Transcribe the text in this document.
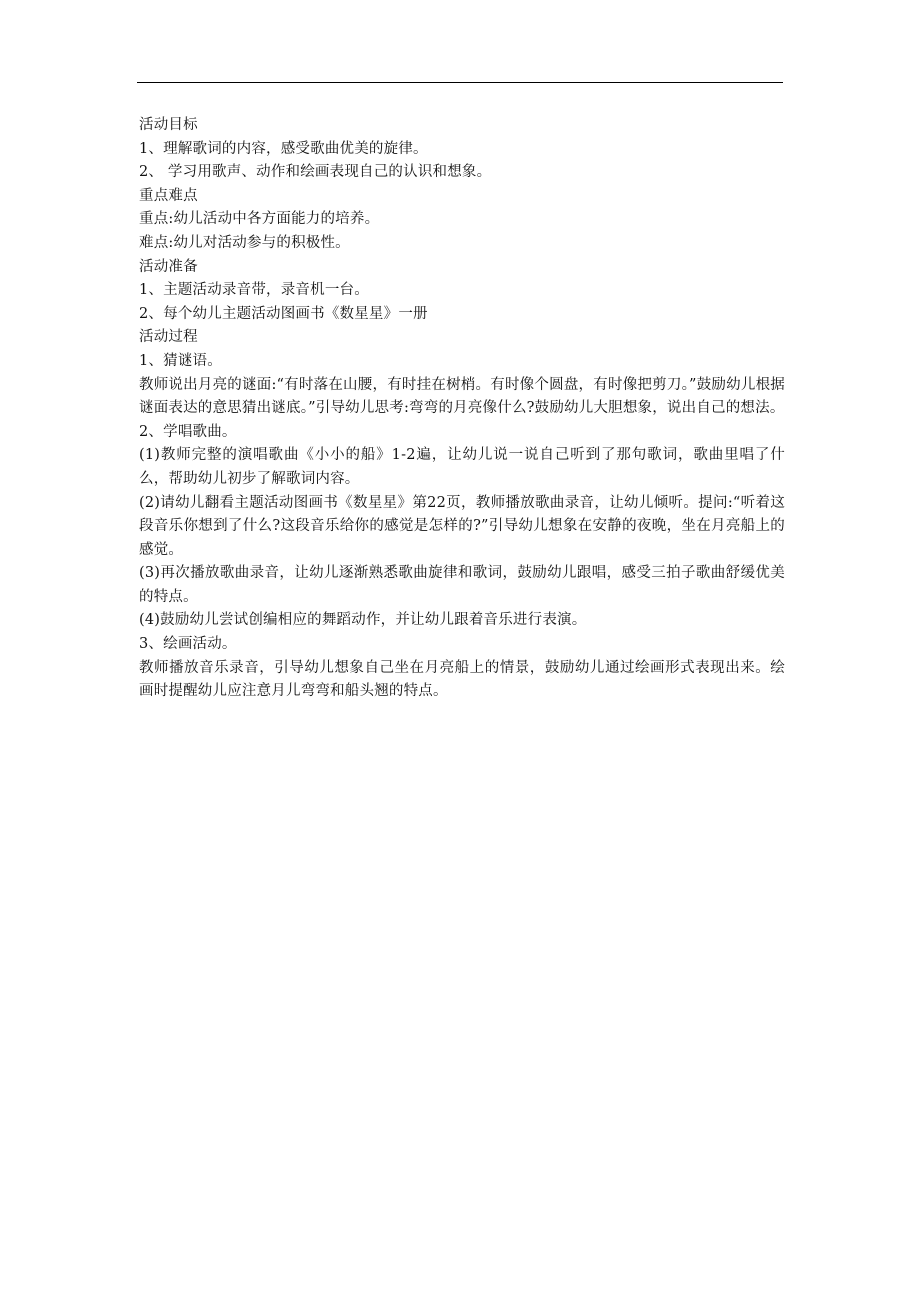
活动目标
1、理解歌词的内容，感受歌曲优美的旋律。
2、 学习用歌声、动作和绘画表现自己的认识和想象。
重点难点
重点:幼儿活动中各方面能力的培养。
难点:幼儿对活动参与的积极性。
活动准备
1、主题活动录音带，录音机一台。
2、每个幼儿主题活动图画书《数星星》一册
活动过程
1、猜谜语。
教师说出月亮的谜面:“有时落在山腰，有时挂在树梢。有时像个圆盘，有时像把剪刀。”鼓励幼儿根据谜面表达的意思猜出谜底。”引导幼儿思考:弯弯的月亮像什么?鼓励幼儿大胆想象，说出自己的想法。
2、学唱歌曲。
(1)教师完整的演唱歌曲《小小的船》1-2遍，让幼儿说一说自己听到了那句歌词，歌曲里唱了什么，帮助幼儿初步了解歌词内容。
(2)请幼儿翻看主题活动图画书《数星星》第22页，教师播放歌曲录音，让幼儿倾听。提问:“听着这段音乐你想到了什么?这段音乐给你的感觉是怎样的?”引导幼儿想象在安静的夜晚，坐在月亮船上的感觉。
(3)再次播放歌曲录音，让幼儿逐渐熟悉歌曲旋律和歌词，鼓励幼儿跟唱，感受三拍子歌曲舒缓优美的特点。
(4)鼓励幼儿尝试创编相应的舞蹈动作，并让幼儿跟着音乐进行表演。
3、绘画活动。
教师播放音乐录音，引导幼儿想象自己坐在月亮船上的情景，鼓励幼儿通过绘画形式表现出来。绘画时提醒幼儿应注意月儿弯弯和船头翘的特点。
